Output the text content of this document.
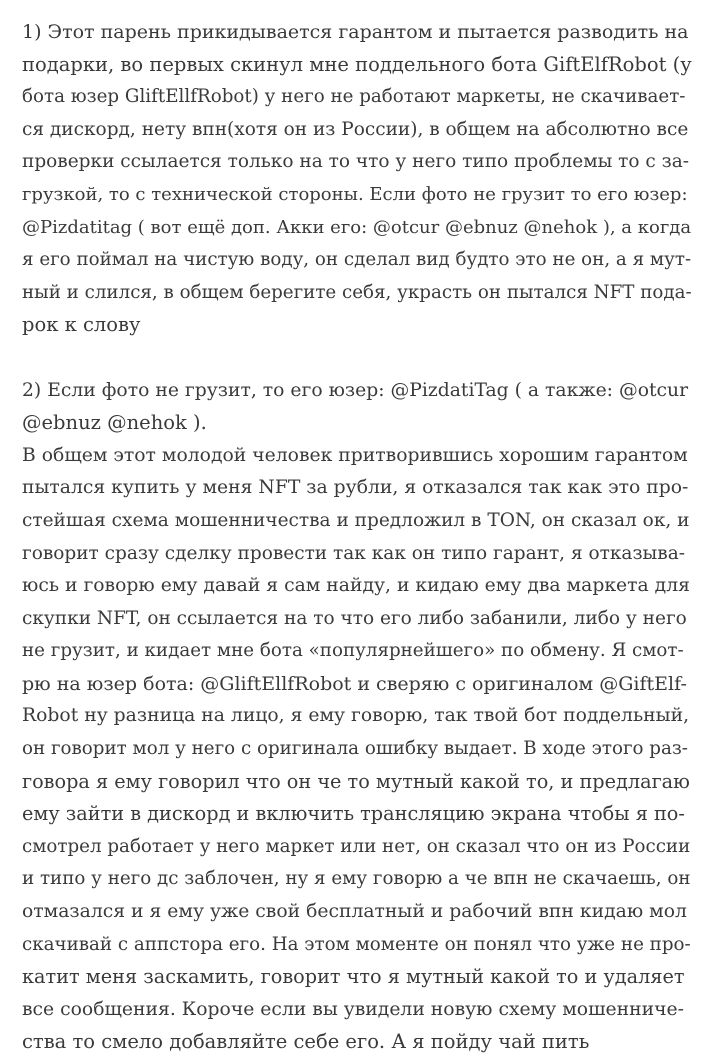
1) Этот парень прикидывается гарантом и пытается разводить на
подарки, во первых скинул мне поддельного бота GiftElfRobot (у
бота юзер GliftEllfRobot) у него не работают маркеты, не скачивает-
ся дискорд, нету впн(хотя он из России), в общем на абсолютно все
проверки ссылается только на то что у него типо проблемы то с за-
грузкой, то с технической стороны. Если фото не грузит то его юзер:
@Pizdatitag ( вот ещё доп. Акки его: @otcur @ebnuz @nehok ), а когда
я его поймал на чистую воду, он сделал вид будто это не он, а я мут-
ный и слился, в общем берегите себя, украсть он пытался NFT пода-
рок к слову
2) Если фото не грузит, то его юзер: @PizdatiTag ( а также: @otcur
@ebnuz @nehok ).
В общем этот молодой человек притворившись хорошим гарантом
пытался купить у меня NFT за рубли, я отказался так как это про-
стейшая схема мошенничества и предложил в TON, он сказал ок, и
говорит сразу сделку провести так как он типо гарант, я отказыва-
юсь и говорю ему давай я сам найду, и кидаю ему два маркета для
скупки NFT, он ссылается на то что его либо забанили, либо у него
не грузит, и кидает мне бота «популярнейшего» по обмену. Я смот-
рю на юзер бота: @GliftEllfRobot и сверяю с оригиналом @GiftElf-
Robot ну разница на лицо, я ему говорю, так твой бот поддельный,
он говорит мол у него с оригинала ошибку выдает. В ходе этого раз-
говора я ему говорил что он че то мутный какой то, и предлагаю
ему зайти в дискорд и включить трансляцию экрана чтобы я по-
смотрел работает у него маркет или нет, он сказал что он из России
и типо у него дс заблочен, ну я ему говорю а че впн не скачаешь, он
отмазался и я ему уже свой бесплатный и рабочий впн кидаю мол
скачивай с аппстора его. На этом моменте он понял что уже не про-
катит меня заскамить, говорит что я мутный какой то и удаляет
все сообщения. Короче если вы увидели новую схему мошенниче-
ства то смело добавляйте себе его. А я пойду чай пить
